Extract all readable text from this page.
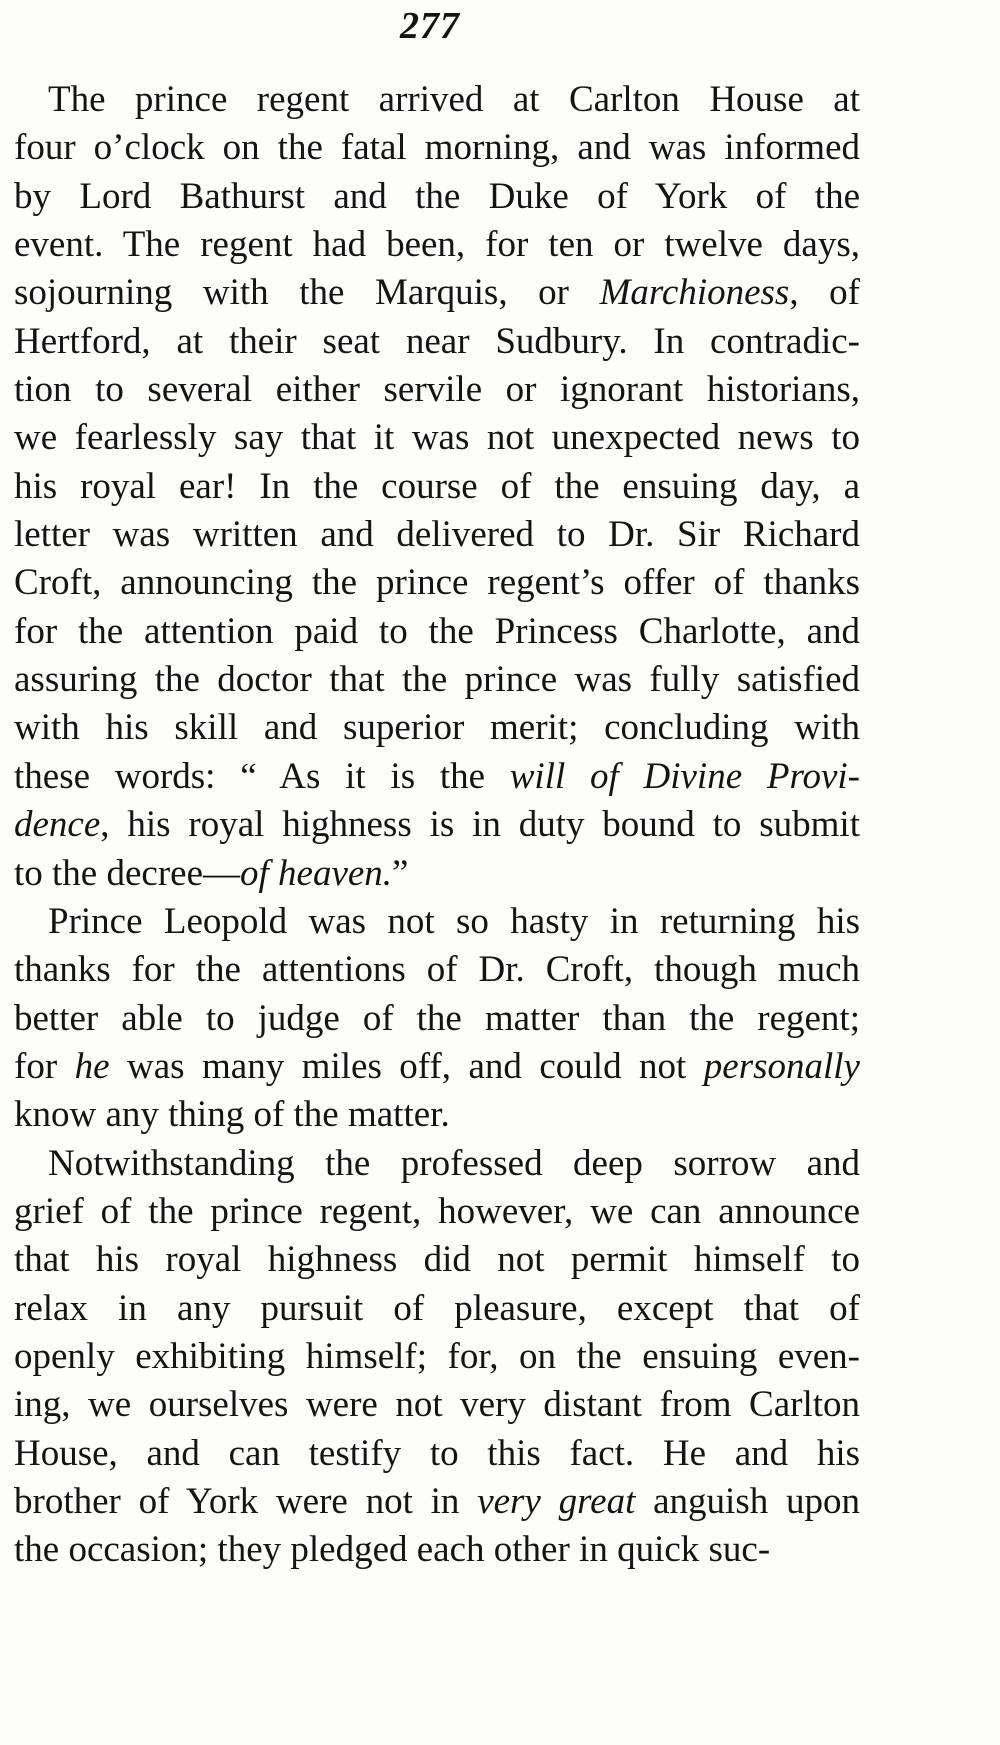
277
The prince regent arrived at Carlton House at
four o’clock on the fatal morning, and was informed
by Lord Bathurst and the Duke of York of the
event. The regent had been, for ten or twelve days,
sojourning with the Marquis, or Marchioness, of
Hertford, at their seat near Sudbury. In contradic-
tion to several either servile or ignorant historians,
we fearlessly say that it was not unexpected news to
his royal ear! In the course of the ensuing day, a
letter was written and delivered to Dr. Sir Richard
Croft, announcing the prince regent’s offer of thanks
for the attention paid to the Princess Charlotte, and
assuring the doctor that the prince was fully satisfied
with his skill and superior merit; concluding with
these words: “ As it is the will of Divine Provi-
dence, his royal highness is in duty bound to submit
to the decree—of heaven.”
Prince Leopold was not so hasty in returning his
thanks for the attentions of Dr. Croft, though much
better able to judge of the matter than the regent;
for he was many miles off, and could not personally
know any thing of the matter.
Notwithstanding the professed deep sorrow and
grief of the prince regent, however, we can announce
that his royal highness did not permit himself to
relax in any pursuit of pleasure, except that of
openly exhibiting himself; for, on the ensuing even-
ing, we ourselves were not very distant from Carlton
House, and can testify to this fact. He and his
brother of York were not in very great anguish upon
the occasion; they pledged each other in quick suc-
